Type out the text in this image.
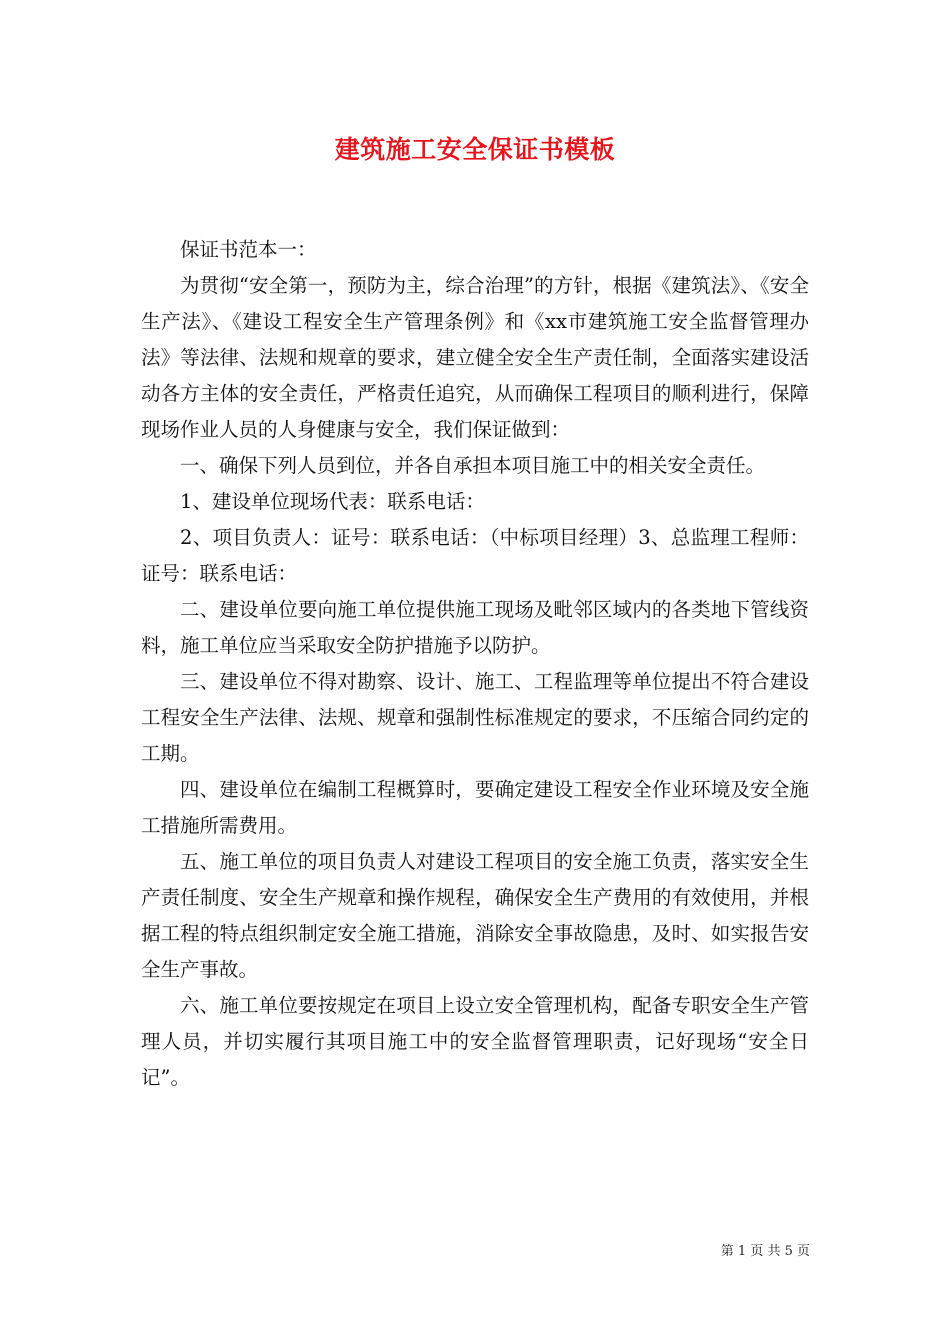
建筑施工安全保证书模板

保证书范本一：

为贯彻“安全第一，预防为主，综合治理”的方针，根据《建筑法》、《安全生产法》、《建设工程安全生产管理条例》和《xx市建筑施工安全监督管理办法》等法律、法规和规章的要求，建立健全安全生产责任制，全面落实建设活动各方主体的安全责任，严格责任追究，从而确保工程项目的顺利进行，保障现场作业人员的人身健康与安全，我们保证做到：

一、确保下列人员到位，并各自承担本项目施工中的相关安全责任。

1、建设单位现场代表：联系电话：

2、项目负责人：证号：联系电话：（中标项目经理）3、总监理工程师：证号：联系电话：

二、建设单位要向施工单位提供施工现场及毗邻区域内的各类地下管线资料，施工单位应当采取安全防护措施予以防护。

三、建设单位不得对勘察、设计、施工、工程监理等单位提出不符合建设工程安全生产法律、法规、规章和强制性标准规定的要求，不压缩合同约定的工期。

四、建设单位在编制工程概算时，要确定建设工程安全作业环境及安全施工措施所需费用。

五、施工单位的项目负责人对建设工程项目的安全施工负责，落实安全生产责任制度、安全生产规章和操作规程，确保安全生产费用的有效使用，并根据工程的特点组织制定安全施工措施，消除安全事故隐患，及时、如实报告安全生产事故。

六、施工单位要按规定在项目上设立安全管理机构，配备专职安全生产管理人员，并切实履行其项目施工中的安全监督管理职责，记好现场“安全日记”。

第 1 页 共 5 页
